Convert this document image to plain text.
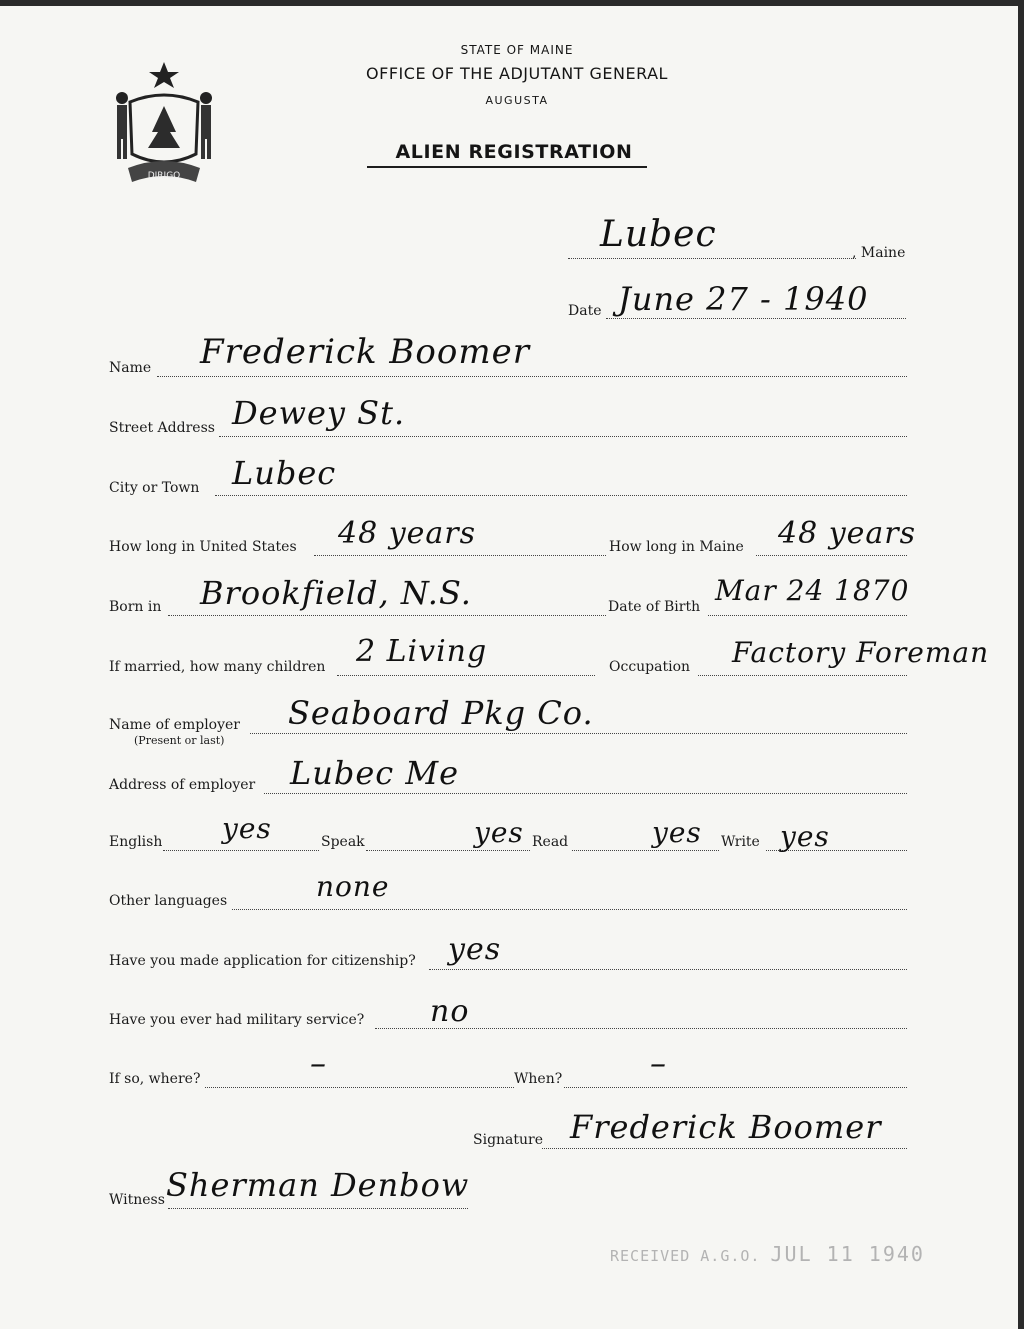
DIRIGO
STATE OF MAINE
OFFICE OF THE ADJUTANT GENERAL
AUGUSTA
ALIEN REGISTRATION
Lubec	, Maine
Date June 27 - 1940
Name Frederick Boomer
Street Address Dewey St.
City or Town Lubec
How long in United States 48 years	How long in Maine 48 years
Born in Brookfield, N.S.	Date of Birth Mar 24 1870
If married, how many children 2 Living	Occupation Factory Foreman
Name of employer
(Present or last)
Seaboard Pkg Co.
Address of employer Lubec Me
English yes	Speak	yes Read	yes Write yes
Other languages	none
Have you made application for citizenship? yes
Have you ever had military service? no
If so, where?	–	When?	–
Signature Frederick Boomer
Witness Sherman Denbow
RECEIVED A.G.O. JUL 11 1940
